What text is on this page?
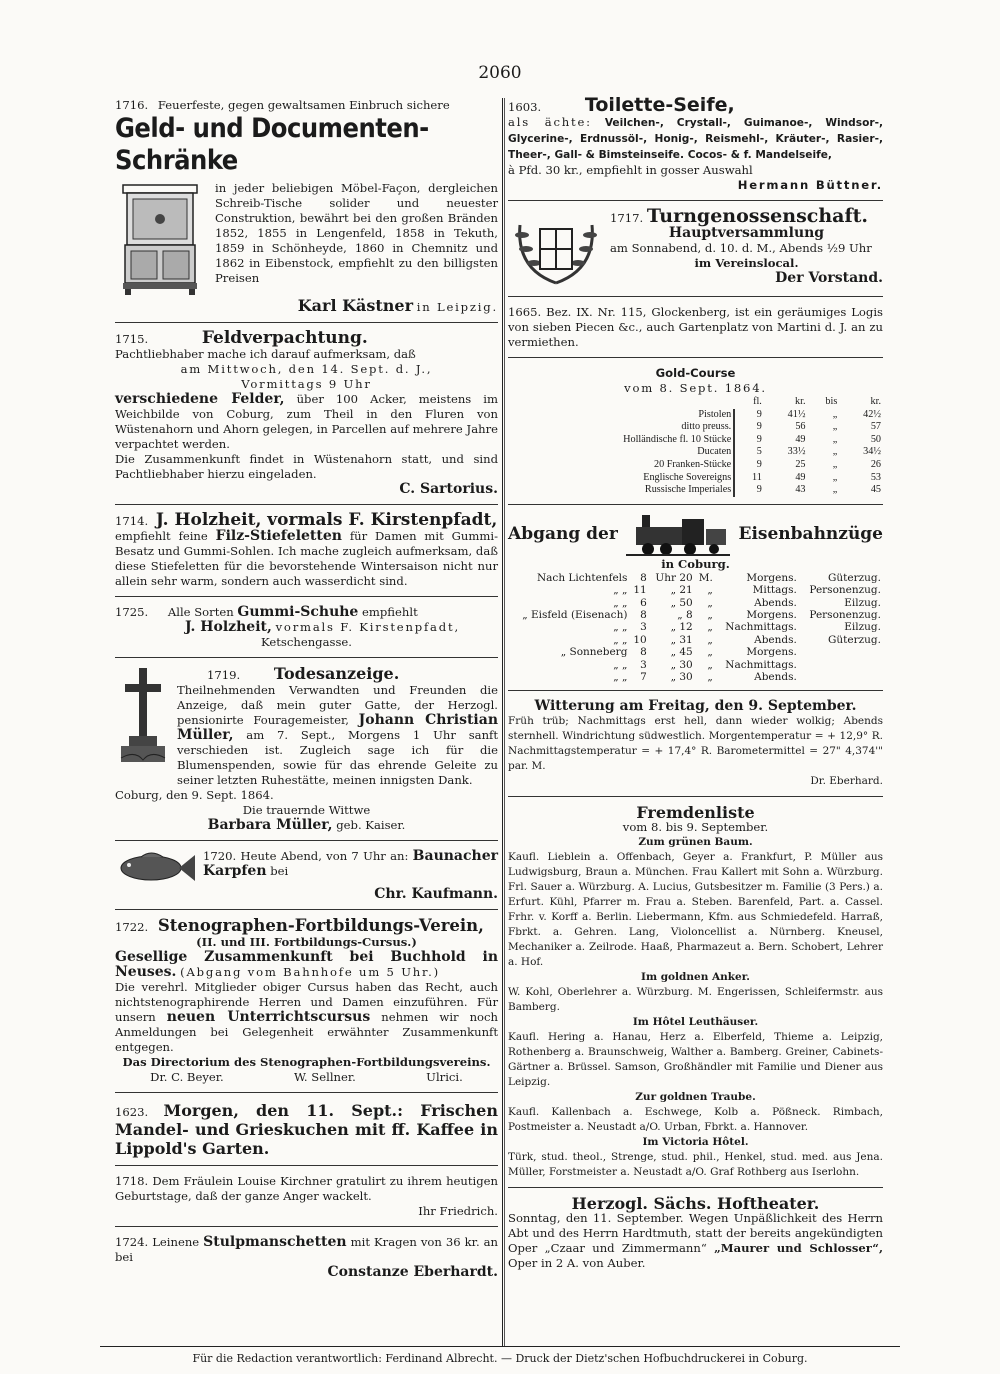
2060

1716. Feuerfeste, gegen gewaltsamen Einbruch sichere

Geld- und Documenten-Schränke

in jeder beliebigen Möbel-Façon, dergleichen Schreib-Tische solider und neuester Construktion, bewährt bei den großen Bränden 1852, 1855 in Lengenfeld, 1858 in Tekuth, 1859 in Schönheyde, 1860 in Chemnitz und 1862 in Eibenstock, empfiehlt zu den billigsten Preisen

Karl Kästner in Leipzig.

1715.	Feldverpachtung.

Pachtliebhaber mache ich darauf aufmerksam, daß

am Mittwoch, den 14. Sept. d. J.,

Vormittags 9 Uhr

verschiedene Felder, über 100 Acker, meistens im Weichbilde von Coburg, zum Theil in den Fluren von Wüstenahorn und Ahorn gelegen, in Parcellen auf mehrere Jahre verpachtet werden.

Die Zusammenkunft findet in Wüstenahorn statt, und sind Pachtliebhaber hierzu eingeladen.

C. Sartorius.

1714. J. Holzheit, vormals F. Kirstenpfadt,

empfiehlt feine Filz-Stiefeletten für Damen mit Gummi-Besatz und Gummi-Sohlen. Ich mache zugleich aufmerksam, daß diese Stiefeletten für die bevorstehende Wintersaison nicht nur allein sehr warm, sondern auch wasserdicht sind.

1725. Alle Sorten Gummi-Schuhe empfiehlt

J. Holzheit, vormals F. Kirstenpfadt,

Ketschengasse.

1719. Todesanzeige.

Theilnehmenden Verwandten und Freunden die Anzeige, daß mein guter Gatte, der Herzogl. pensionirte Fouragemeister, Johann Christian Müller, am 7. Sept., Morgens 1 Uhr sanft verschieden ist. Zugleich sage ich für die Blumenspenden, sowie für das ehrende Geleite zu seiner letzten Ruhestätte, meinen innigsten Dank.

Coburg, den 9. Sept. 1864.

Die trauernde Wittwe

Barbara Müller, geb. Kaiser.

1720. Heute Abend, von 7 Uhr an: Baunacher Karpfen bei

Chr. Kaufmann.

1722. Stenographen-Fortbildungs-Verein,

(II. und III. Fortbildungs-Cursus.)

Gesellige Zusammenkunft bei Buchhold in Neuses. (Abgang vom Bahnhofe um 5 Uhr.)

Die verehrl. Mitglieder obiger Cursus haben das Recht, auch nichtstenographirende Herren und Damen einzuführen. Für unsern neuen Unterrichtscursus nehmen wir noch Anmeldungen bei Gelegenheit erwähnter Zusammenkunft entgegen.

Das Directorium des Stenographen-Fortbildungsvereins.

Dr. C. Beyer.	W. Sellner.	Ulrici.

1623. Morgen, den 11. Sept.: Frischen Mandel- und Grieskuchen mit ff. Kaffee in Lippold's Garten.

1718. Dem Fräulein Louise Kirchner gratulirt zu ihrem heutigen Geburtstage, daß der ganze Anger wackelt.

Ihr Friedrich.

1724. Leinene Stulpmanschetten mit Kragen von 36 kr. an bei

Constanze Eberhardt.

1603. Toilette-Seife,

als ächte: Veilchen-, Crystall-, Guimanoe-, Windsor-, Glycerine-, Erdnussöl-, Honig-, Reismehl-, Kräuter-, Rasier-, Theer-, Gall- & Bimsteinseife. Cocos- & f. Mandelseife,

à Pfd. 30 kr., empfiehlt in gosser Auswahl

Hermann Büttner.

1717. Turngenossenschaft.

Hauptversammlung

am Sonnabend, d. 10. d. M., Abends ½9 Uhr

im Vereinslocal.

Der Vorstand.

1665. Bez. IX. Nr. 115, Glockenberg, ist ein geräumiges Logis von sieben Piecen &c., auch Gartenplatz von Martini d. J. an zu vermiethen.

Gold-Course

vom 8. Sept. 1864.

	fl.	kr.	bis	kr.
Pistolen	9	41½	„	42½
ditto preuss.	9	56	„	57
Holländische fl. 10 Stücke	9	49	„	50
Ducaten	5	33½	„	34½
20 Franken-Stücke	9	25	„	26
Englische Sovereigns	11	49	„	53
Russische Imperiales	9	43	„	45
Abgang der	Eisenbahnzüge

in Coburg.

Nach Lichtenfels	8	Uhr 20	M.	Morgens.	Güterzug.
„ „	11	„ 21	„	Mittags.	Personenzug.
„ „	6	„ 50	„	Abends.	Eilzug.
„ Eisfeld (Eisenach)	8	„ 8	„	Morgens.	Personenzug.
„ „	3	„ 12	„	Nachmittags.	Eilzug.
„ „	10	„ 31	„	Abends.	Güterzug.
„ Sonneberg	8	„ 45	„	Morgens.	
„ „	3	„ 30	„	Nachmittags.	
„ „	7	„ 30	„	Abends.	

Witterung am Freitag, den 9. September.

Früh trüb; Nachmittags erst hell, dann wieder wolkig; Abends sternhell. Windrichtung südwestlich. Morgentemperatur = + 12,9° R. Nachmittagstemperatur = + 17,4° R. Barometermittel = 27" 4,374'" par. M.

Dr. Eberhard.

Fremdenliste

vom 8. bis 9. September.

Zum grünen Baum.

Kaufl. Lieblein a. Offenbach, Geyer a. Frankfurt, P. Müller aus Ludwigsburg, Braun a. München. Frau Kallert mit Sohn a. Würzburg. Frl. Sauer a. Würzburg. A. Lucius, Gutsbesitzer m. Familie (3 Pers.) a. Erfurt. Kühl, Pfarrer m. Frau a. Steben. Barenfeld, Part. a. Cassel. Frhr. v. Korff a. Berlin. Liebermann, Kfm. aus Schmiedefeld. Harraß, Fbrkt. a. Gehren. Lang, Violoncellist a. Nürnberg. Kneusel, Mechaniker a. Zeilrode. Haaß, Pharmazeut a. Bern. Schobert, Lehrer a. Hof.

Im goldnen Anker.

W. Kohl, Oberlehrer a. Würzburg. M. Engerissen, Schleifermstr. aus Bamberg.

Im Hôtel Leuthäuser.

Kaufl. Hering a. Hanau, Herz a. Elberfeld, Thieme a. Leipzig, Rothenberg a. Braunschweig, Walther a. Bamberg. Greiner, Cabinets-Gärtner a. Brüssel. Samson, Großhändler mit Familie und Diener aus Leipzig.

Zur goldnen Traube.

Kaufl. Kallenbach a. Eschwege, Kolb a. Pößneck. Rimbach, Postmeister a. Neustadt a/O. Urban, Fbrkt. a. Hannover.

Im Victoria Hôtel.

Türk, stud. theol., Strenge, stud. phil., Henkel, stud. med. aus Jena. Müller, Forstmeister a. Neustadt a/O. Graf Rothberg aus Iserlohn.

Herzogl. Sächs. Hoftheater.

Sonntag, den 11. September. Wegen Unpäßlichkeit des Herrn Abt und des Herrn Hardtmuth, statt der bereits angekündigten Oper „Czaar und Zimmermann“ „Maurer und Schlosser“, Oper in 2 A. von Auber.

Für die Redaction verantwortlich: Ferdinand Albrecht. — Druck der Dietz'schen Hofbuchdruckerei in Coburg.
